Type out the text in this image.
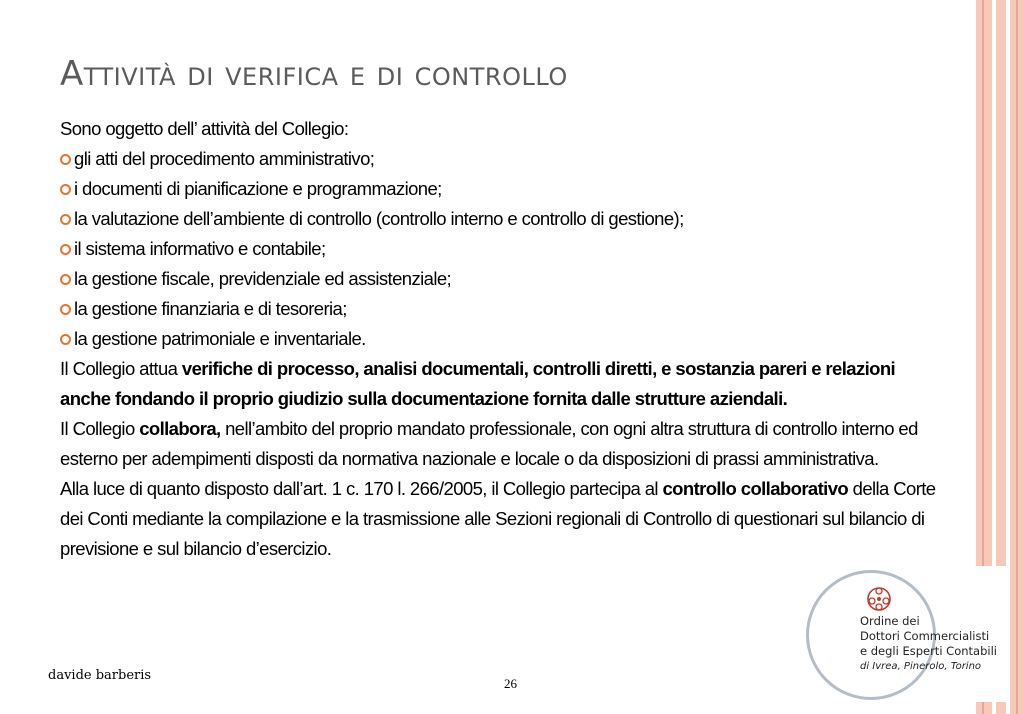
Attività di verifica e di controllo

Sono oggetto dell’ attività del Collegio:

gli atti del procedimento amministrativo;
i documenti di pianificazione e programmazione;
la valutazione dell’ambiente di controllo (controllo interno e controllo di gestione);
il sistema informativo e contabile;
la gestione fiscale, previdenziale ed assistenziale;
la gestione finanziaria e di tesoreria;
la gestione patrimoniale e inventariale.

Il Collegio attua verifiche di processo, analisi documentali, controlli diretti, e sostanzia pareri e relazioni anche fondando il proprio giudizio sulla documentazione fornita dalle strutture aziendali.

Il Collegio collabora, nell’ambito del proprio mandato professionale, con ogni altra struttura di controllo interno ed esterno per adempimenti disposti da normativa nazionale e locale o da disposizioni di prassi amministrativa.

Alla luce di quanto disposto dall’art. 1 c. 170 l. 266/2005, il Collegio partecipa al controllo collaborativo della Corte dei Conti mediante la compilazione e la trasmissione alle Sezioni regionali di Controllo di questionari sul bilancio di previsione e sul bilancio d’esercizio.

Ordine dei
Dottori Commercialisti
e degli Esperti Contabili
di Ivrea, Pinerolo, Torino
davide barberis
26
